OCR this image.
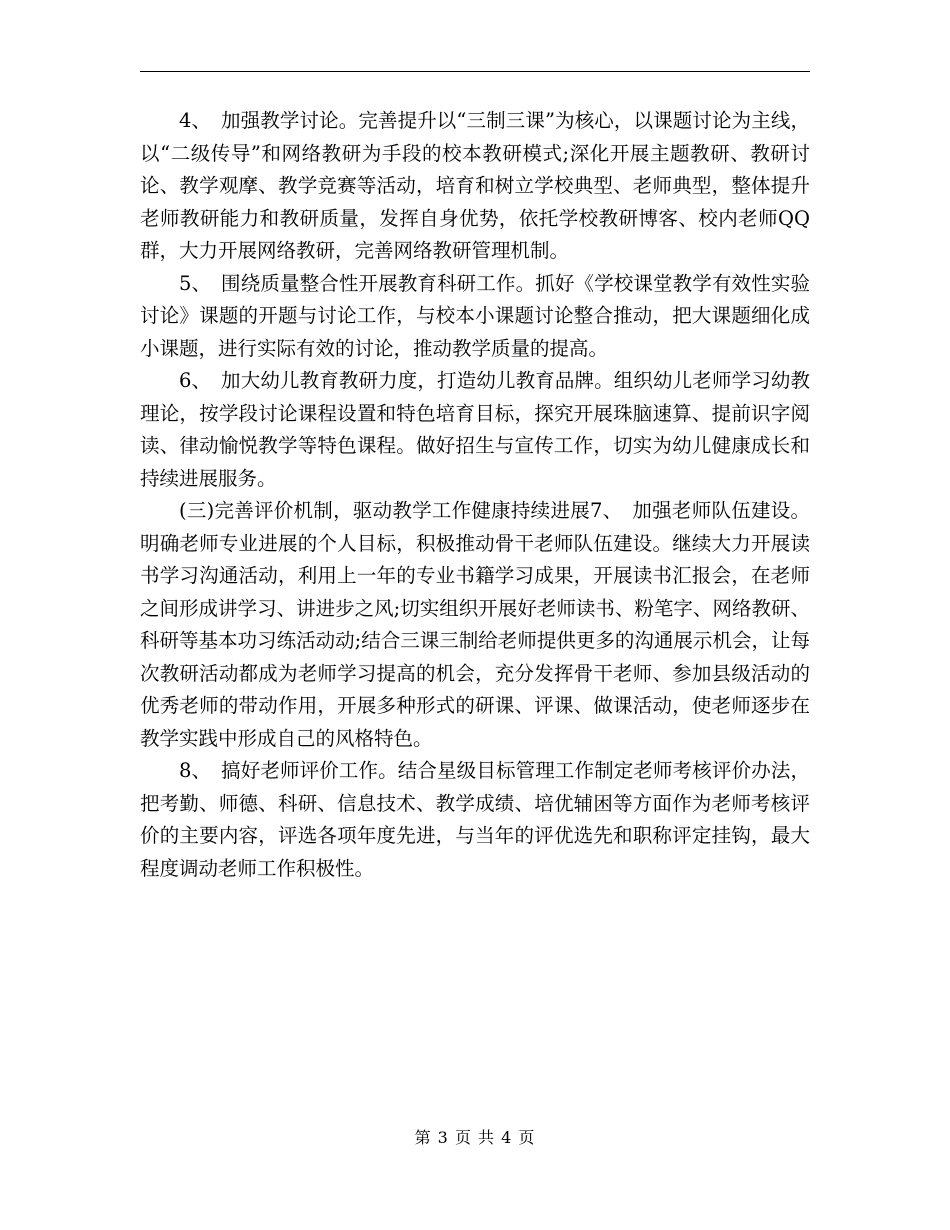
4、　加强教学讨论。完善提升以“三制三课”为核心，以课题讨论为主线，以“二级传导”和网络教研为手段的校本教研模式;深化开展主题教研、教研讨论、教学观摩、教学竞赛等活动，培育和树立学校典型、老师典型，整体提升老师教研能力和教研质量，发挥自身优势，依托学校教研博客、校内老师QQ群，大力开展网络教研，完善网络教研管理机制。

5、　围绕质量整合性开展教育科研工作。抓好《学校课堂教学有效性实验讨论》课题的开题与讨论工作，与校本小课题讨论整合推动，把大课题细化成小课题，进行实际有效的讨论，推动教学质量的提高。

6、　加大幼儿教育教研力度，打造幼儿教育品牌。组织幼儿老师学习幼教理论，按学段讨论课程设置和特色培育目标，探究开展珠脑速算、提前识字阅读、律动愉悦教学等特色课程。做好招生与宣传工作，切实为幼儿健康成长和持续进展服务。

(三)完善评价机制，驱动教学工作健康持续进展7、　加强老师队伍建设。明确老师专业进展的个人目标，积极推动骨干老师队伍建设。继续大力开展读书学习沟通活动，利用上一年的专业书籍学习成果，开展读书汇报会，在老师之间形成讲学习、讲进步之风;切实组织开展好老师读书、粉笔字、网络教研、科研等基本功习练活动动;结合三课三制给老师提供更多的沟通展示机会，让每次教研活动都成为老师学习提高的机会，充分发挥骨干老师、参加县级活动的优秀老师的带动作用，开展多种形式的研课、评课、做课活动，使老师逐步在教学实践中形成自己的风格特色。

8、　搞好老师评价工作。结合星级目标管理工作制定老师考核评价办法，把考勤、师德、科研、信息技术、教学成绩、培优辅困等方面作为老师考核评价的主要内容，评选各项年度先进，与当年的评优选先和职称评定挂钩，最大程度调动老师工作积极性。

第 3 页 共 4 页
